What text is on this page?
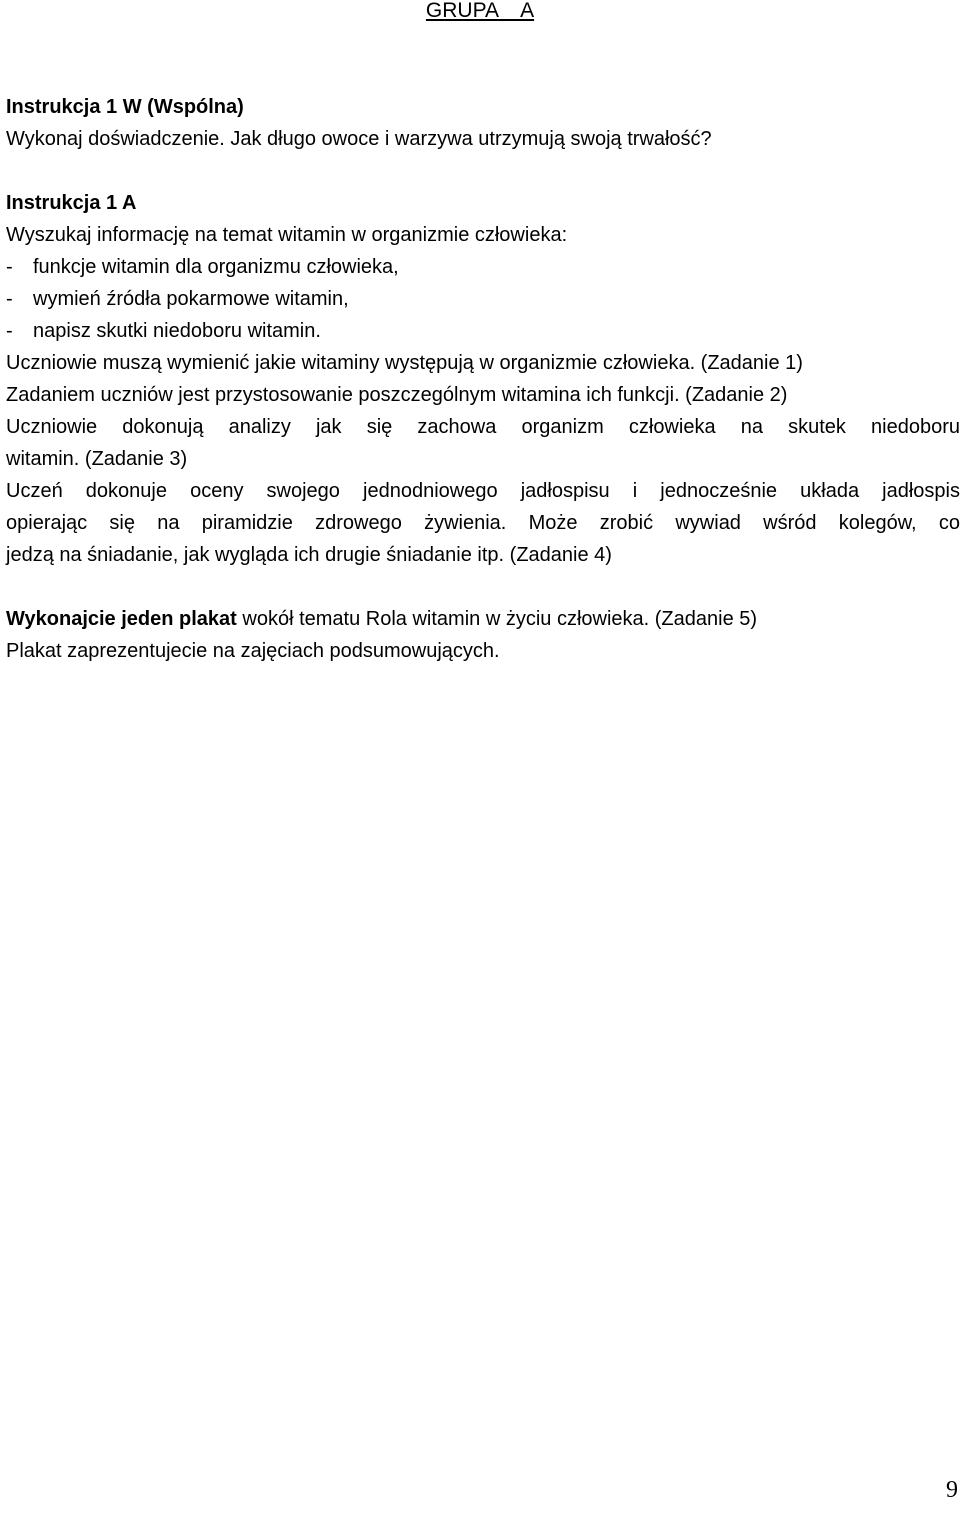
GRUPA    A
Instrukcja 1 W (Wspólna)
Wykonaj doświadczenie. Jak długo owoce i warzywa utrzymują swoją trwałość?
Instrukcja 1 A
Wyszukaj informację na temat witamin w organizmie człowieka:
- funkcje witamin dla organizmu człowieka,
- wymień źródła pokarmowe witamin,
- napisz skutki niedoboru witamin.
Uczniowie muszą wymienić jakie witaminy występują w organizmie człowieka. (Zadanie 1)
Zadaniem uczniów jest przystosowanie poszczególnym witamina ich funkcji. (Zadanie 2)
Uczniowie dokonują analizy jak się zachowa organizm człowieka na skutek niedoboru
witamin. (Zadanie 3)
Uczeń dokonuje oceny swojego jednodniowego jadłospisu i jednocześnie układa jadłospis
opierając się na piramidzie zdrowego żywienia. Może zrobić wywiad wśród kolegów, co
jedzą na śniadanie, jak wygląda ich drugie śniadanie itp. (Zadanie 4)
Wykonajcie jeden plakat wokół tematu Rola witamin w życiu człowieka. (Zadanie 5)
Plakat zaprezentujecie na zajęciach podsumowujących.
9
